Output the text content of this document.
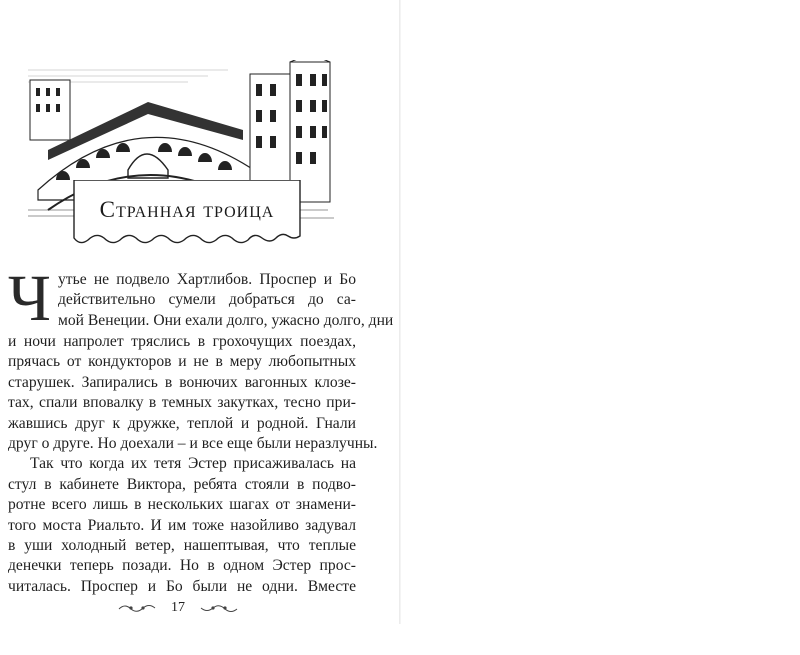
Странная троица
Ч утье не подвело Хартлибов. Проспер и Бо
действительно сумели добраться до са-
мой Венеции. Они ехали долго, ужасно долго, дни
и ночи напролет тряслись в грохочущих поездах,
прячась от кондукторов и не в меру любопытных
старушек. Запирались в вонючих вагонных клозе-
тах, спали вповалку в темных закутках, тесно при-
жавшись друг к дружке, теплой и родной. Гнали
друг о друге. Но доехали – и все еще были неразлучны.
Так что когда их тетя Эстер присаживалась на
стул в кабинете Виктора, ребята стояли в подво-
ротне всего лишь в нескольких шагах от знамени-
того моста Риальто. И им тоже назойливо задувал
в уши холодный ветер, нашептывая, что теплые
денечки теперь позади. Но в одном Эстер прос-
читалась. Проспер и Бо были не одни. Вместе
17
